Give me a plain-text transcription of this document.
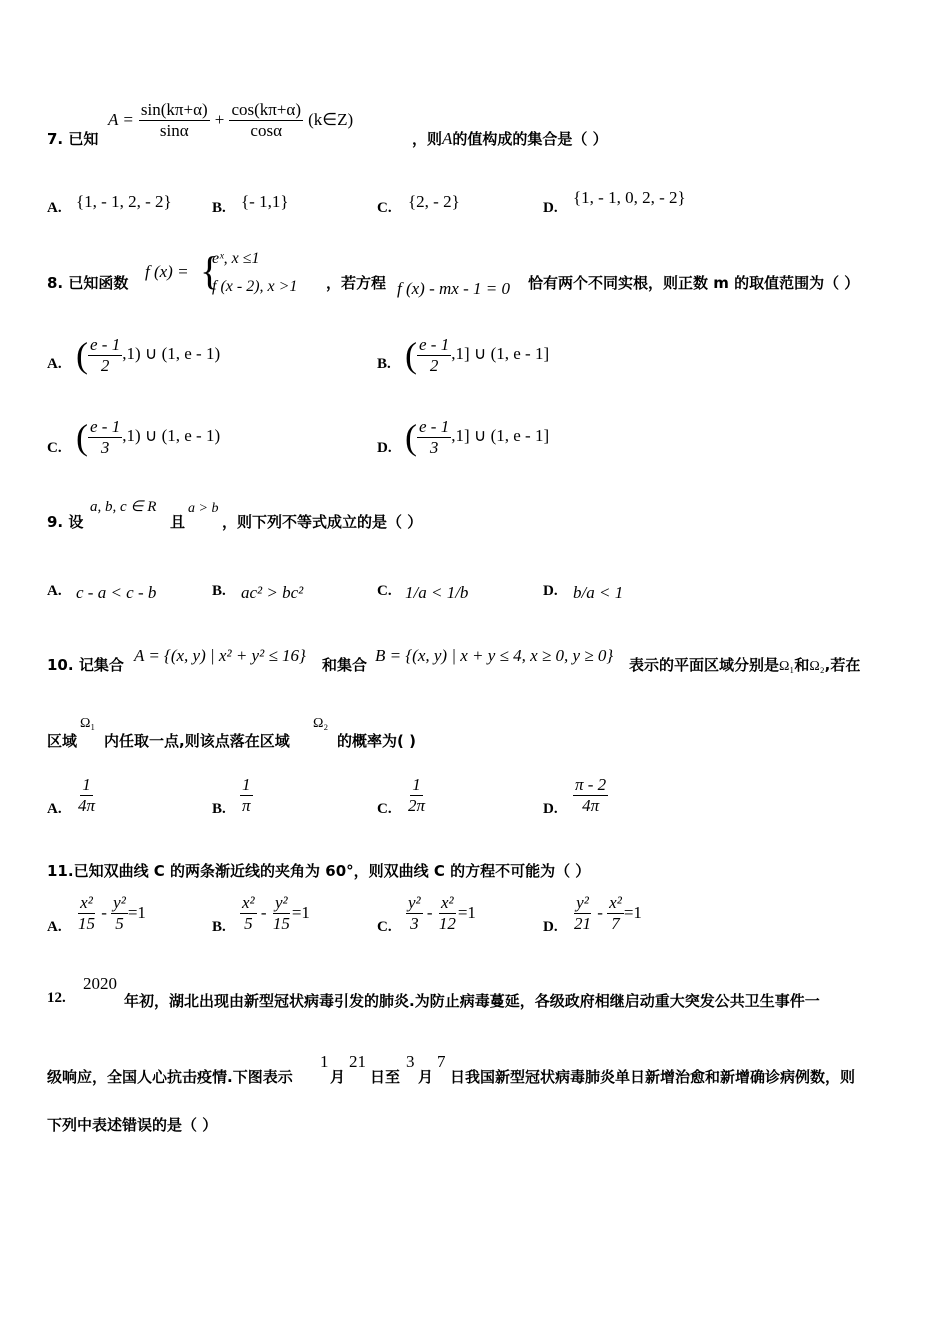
7. 已知
$A = \frac{\sin(k\pi+\alpha)}{\sin\alpha} + \frac{\cos(k\pi+\alpha)}{\cos\alpha}$ (k∈Z)
，则A的值构成的集合是（ ）
A. {1, - 1, 2, - 2}	B. {- 1,1}	C. {2, - 2}	D.
{1, - 1, 0, 2, - 2}
8. 已知函数
f (x) = {
eˣ, x ≤1
f (x - 2), x >1 ，若方程 f (x) - mx - 1 = 0 恰有两个不同实根，则正数 m 的取值范围为（ ）
A. ( $\frac{e - 1}{2} ,1$) ∪ (1, e - 1)
B. ( $\frac{e - 1}{2} ,1$] ∪ (1, e - 1]
C. ( $\frac{e - 1}{3} ,1$) ∪ (1, e - 1)
D. ( $\frac{e - 1}{3} ,1$] ∪ (1, e - 1]
9. 设
a, b, c ∈ R
且
a > b
，则下列不等式成立的是（ ）
A. c - a < c - b	B. ac² > bc²	C. 1/a < 1/b	D. b/a < 1
10. 记集合 A = {(x, y) | x² + y² ≤ 16} 和集合 B = {(x, y) | x + y ≤ 4, x ≥ 0, y ≥ 0} 表示的平面区域分别是Ω₁和Ω₂,若在
区域
Ω₁
内任取一点,则该点落在区域
Ω₂
的概率为( )
A. $\frac{1}{4\pi}$	B. $\frac{1}{\pi}$	C. $\frac{1}{2\pi}$	D. $\frac{\pi - 2}{4\pi}$
11.已知双曲线 C 的两条渐近线的夹角为 60°，则双曲线 C 的方程不可能为（ ）
A. $\frac{\text{x²}}{15} - \frac{\text{y²}}{5} =1$
B. $\frac{\text{x²}}{5} - \frac{\text{y²}}{15} =1$
C. $\frac{\text{y²}}{3} - \frac{\text{x²}}{12} =1$
D. $\frac{\text{y²}}{21} - \frac{\text{x²}}{7} =1$
12.
2020
年初，湖北出现由新型冠状病毒引发的肺炎.为防止病毒蔓延，各级政府相继启动重大突发公共卫生事件一
级响应，全国人心抗击疫情.下图表示
1
月
21
日至
3
月
7
日我国新型冠状病毒肺炎单日新增治愈和新增确诊病例数，则
下列中表述错误的是（ ）
